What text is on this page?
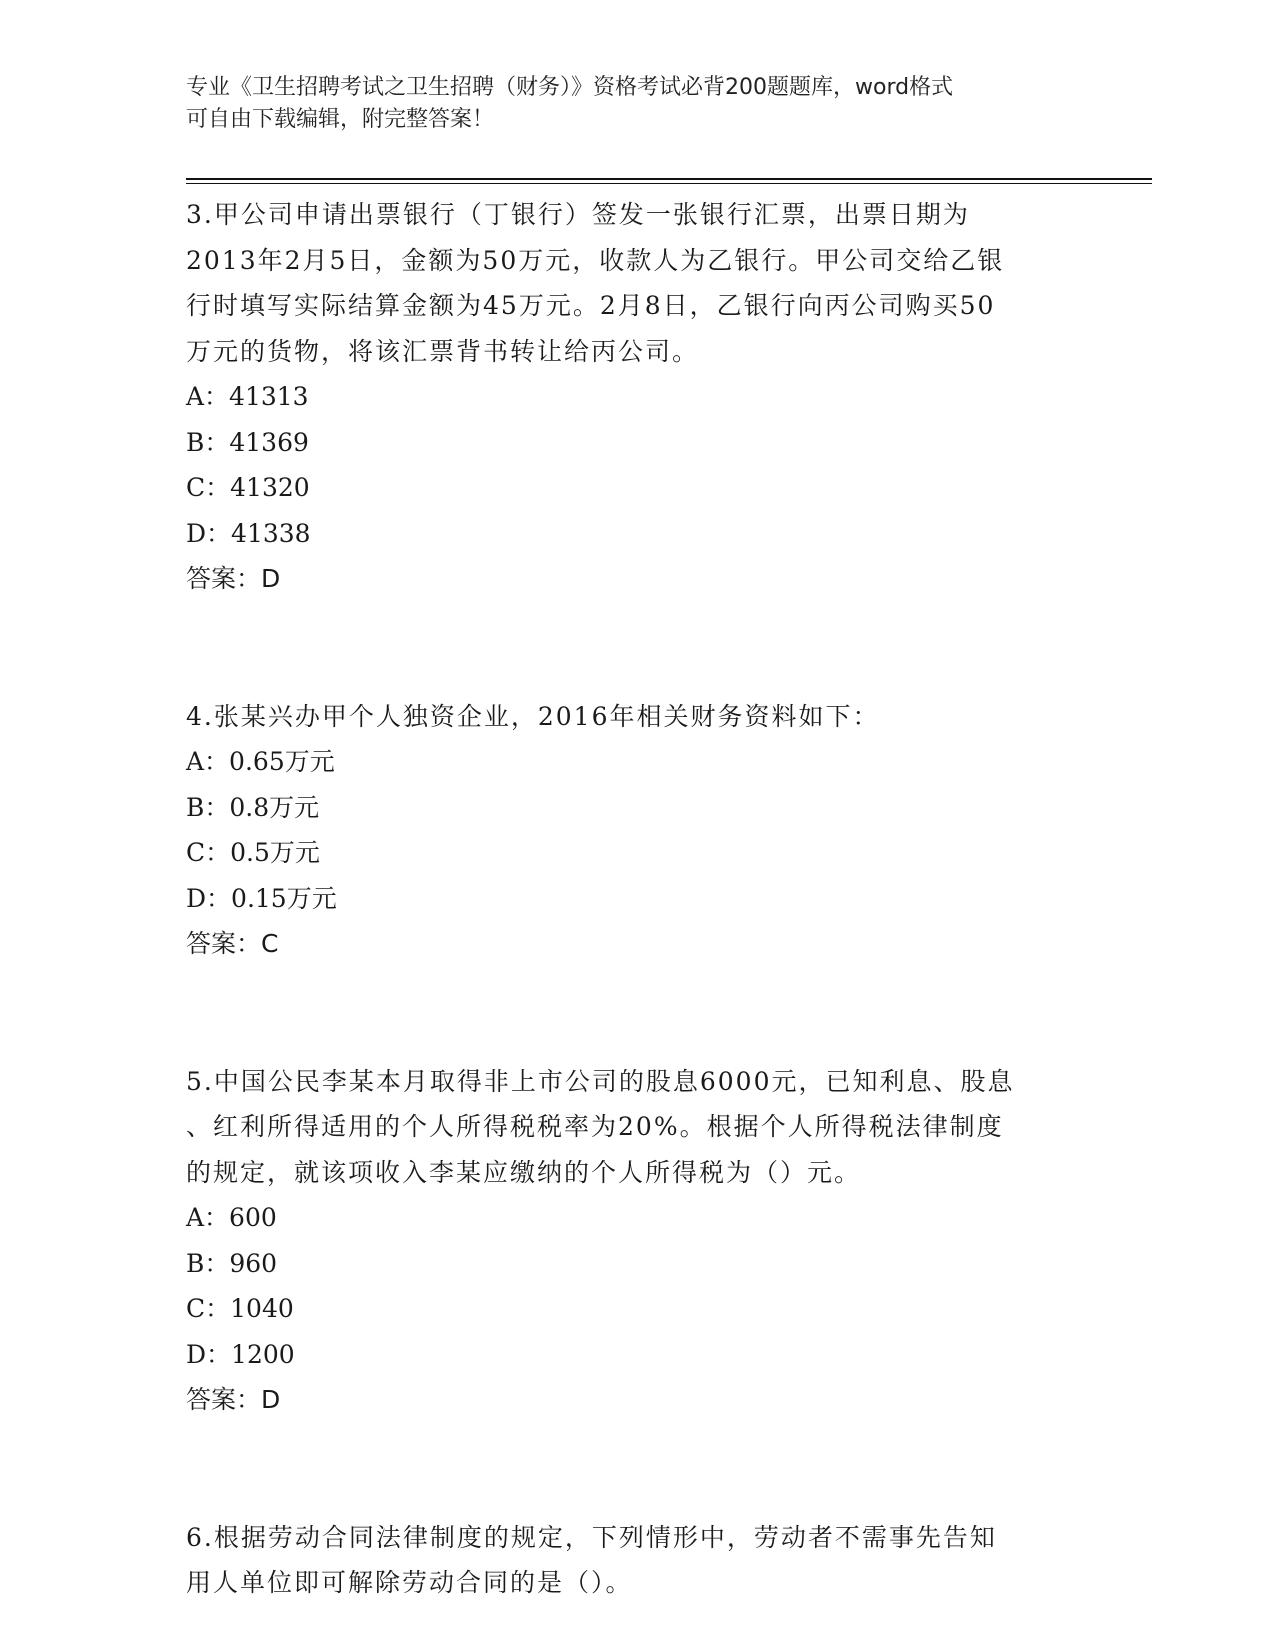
专业《卫生招聘考试之卫生招聘（财务）》资格考试必背200题题库，word格式
可自由下载编辑，附完整答案！
3.甲公司申请出票银行（丁银行）签发一张银行汇票，出票日期为
2013年2月5日，金额为50万元，收款人为乙银行。甲公司交给乙银
行时填写实际结算金额为45万元。2月8日，乙银行向丙公司购买50
万元的货物，将该汇票背书转让给丙公司。
A：41313
B：41369
C：41320
D：41338
答案：D
4.张某兴办甲个人独资企业，2016年相关财务资料如下：
A：0.65万元
B：0.8万元
C：0.5万元
D：0.15万元
答案：C
5.中国公民李某本月取得非上市公司的股息6000元，已知利息、股息
、红利所得适用的个人所得税税率为20%。根据个人所得税法律制度
的规定，就该项收入李某应缴纳的个人所得税为（）元。
A：600
B：960
C：1040
D：1200
答案：D
6.根据劳动合同法律制度的规定，下列情形中，劳动者不需事先告知
用人单位即可解除劳动合同的是（）。
